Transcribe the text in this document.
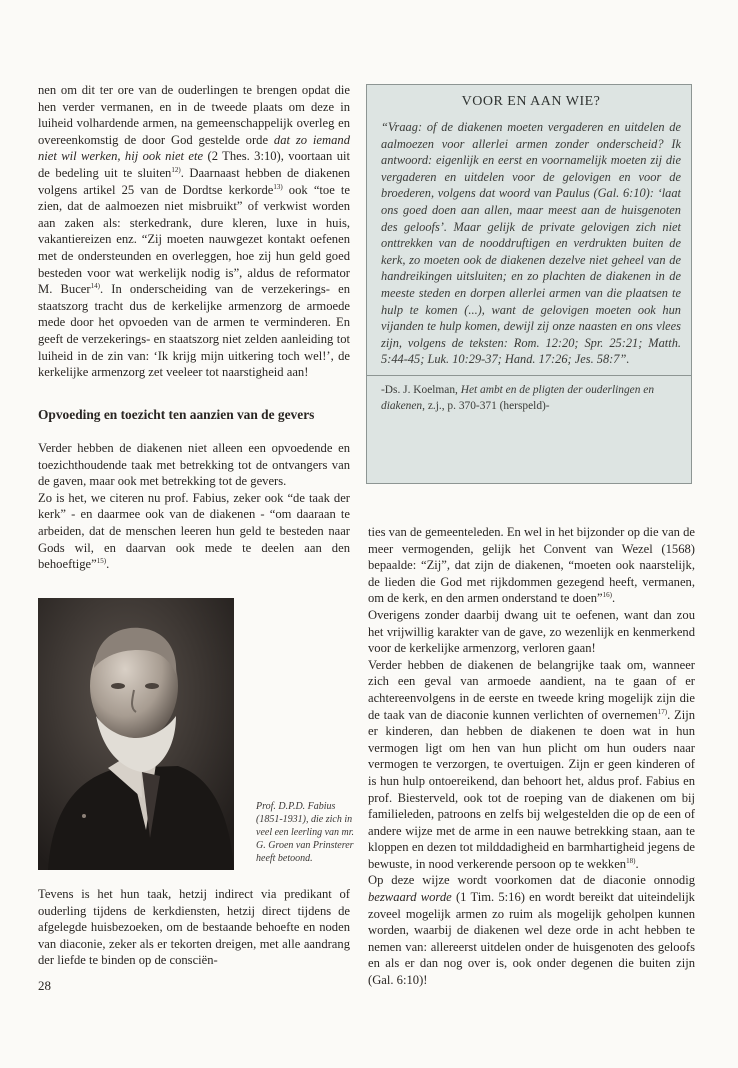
nen om dit ter ore van de ouderlingen te brengen opdat die hen verder vermanen, en in de tweede plaats om deze in luiheid volhardende armen, na gemeenschappelijk overleg en overeenkomstig de door God gestelde orde dat zo iemand niet wil werken, hij ook niet ete (2 Thes. 3:10), voortaan uit de bedeling uit te sluiten$^{12)}$. Daarnaast hebben de diakenen volgens artikel 25 van de Dordtse kerkorde$^{13)}$ ook “toe te zien, dat de aalmoezen niet misbruikt” of verkwist worden aan zaken als: sterkedrank, dure kleren, luxe in huis, vakantiereizen enz. “Zij moeten nauwgezet kontakt oefenen met de ondersteunden en overleggen, hoe zij hun geld goed besteden voor wat werkelijk nodig is”, aldus de reformator M. Bucer$^{14)}$. In onderscheiding van de verzekerings- en staatszorg tracht dus de kerkelijke armenzorg de armoede mede door het opvoeden van de armen te verminderen. En geeft de verzekerings- en staatszorg niet zelden aanleiding tot luiheid in de zin van: ‘Ik krijg mijn uitkering toch wel!’, de kerkelijke armenzorg zet veeleer tot naarstigheid aan!

Opvoeding en toezicht ten aanzien van de gevers

Verder hebben de diakenen niet alleen een opvoedende en toezichthoudende taak met betrekking tot de ontvangers van de gaven, maar ook met betrekking tot de gevers.

Zo is het, we citeren nu prof. Fabius, zeker ook “de taak der kerk” - en daarmee ook van de diakenen - “om daaraan te arbeiden, dat de menschen leeren hun geld te besteden naar Gods wil, en daarvan ook mede te deelen aan den behoeftige”$^{15)}$.

Prof. D.P.D. Fabius (1851-1931), die zich in veel een leerling van mr. G. Groen van Prinsterer heeft betoond.

Tevens is het hun taak, hetzij indirect via predikant of ouderling tijdens de kerkdiensten, hetzij direct tijdens de afgelegde huisbezoeken, om de bestaande behoefte en noden van diaconie, zeker als er tekorten dreigen, met alle aandrang der liefde te binden op de consciën-

VOOR EN AAN WIE?

“Vraag: of de diakenen moeten vergaderen en uitdelen de aalmoezen voor allerlei armen zonder onderscheid? Ik antwoord: eigenlijk en eerst en voornamelijk moeten zij die vergaderen en uitdelen voor de gelovigen en voor de broederen, volgens dat woord van Paulus (Gal. 6:10): ‘laat ons goed doen aan allen, maar meest aan de huisgenoten des geloofs’. Maar gelijk de private gelovigen zich niet onttrekken van de nooddruftigen en verdrukten buiten de kerk, zo moeten ook de diakenen dezelve niet geheel van de handreikingen uitsluiten; en zo plachten de diakenen in de meeste steden en dorpen allerlei armen van die plaatsen te hulp te komen (...), want de gelovigen moeten ook hun vijanden te hulp komen, dewijl zij onze naasten en ons vlees zijn, volgens de teksten: Rom. 12:20; Spr. 25:21; Matth. 5:44-45; Luk. 10:29-37; Hand. 17:26; Jes. 58:7”.

-Ds. J. Koelman, Het ambt en de pligten der ouderlingen en diakenen, z.j., p. 370-371 (herspeld)-

ties van de gemeenteleden. En wel in het bijzonder op die van de meer vermogenden, gelijk het Convent van Wezel (1568) bepaalde: “Zij”, dat zijn de diakenen, “moeten ook naarstelijk, de lieden die God met rijkdommen gezegend heeft, vermanen, om de kerk, en den armen onderstand te doen”$^{16)}$.
Overigens zonder daarbij dwang uit te oefenen, want dan zou het vrijwillig karakter van de gave, zo wezenlijk en kenmerkend voor de kerkelijke armenzorg, verloren gaan!
Verder hebben de diakenen de belangrijke taak om, wanneer zich een geval van armoede aandient, na te gaan of er achtereenvolgens in de eerste en tweede kring mogelijk zijn die de taak van de diaconie kunnen verlichten of overnemen$^{17)}$. Zijn er kinderen, dan hebben de diakenen te doen wat in hun vermogen ligt om hen van hun plicht om hun ouders naar vermogen te verzorgen, te overtuigen. Zijn er geen kinderen of is hun hulp ontoereikend, dan behoort het, aldus prof. Fabius en prof. Biesterveld, ook tot de roeping van de diakenen om bij familieleden, patroons en zelfs bij welgestelden die op de een of andere wijze met de arme in een nauwe betrekking staan, aan te kloppen en dezen tot milddadigheid en barmhartigheid jegens de bewuste, in nood verkerende persoon op te wekken$^{18)}$.
Op deze wijze wordt voorkomen dat de diaconie onnodig bezwaard worde (1 Tim. 5:16) en wordt bereikt dat uiteindelijk zoveel mogelijk armen zo ruim als mogelijk geholpen kunnen worden, waarbij de diakenen wel deze orde in acht hebben te nemen van: allereerst uitdelen onder de huisgenoten des geloofs en als er dan nog over is, ook onder degenen die buiten zijn (Gal. 6:10)!

28
